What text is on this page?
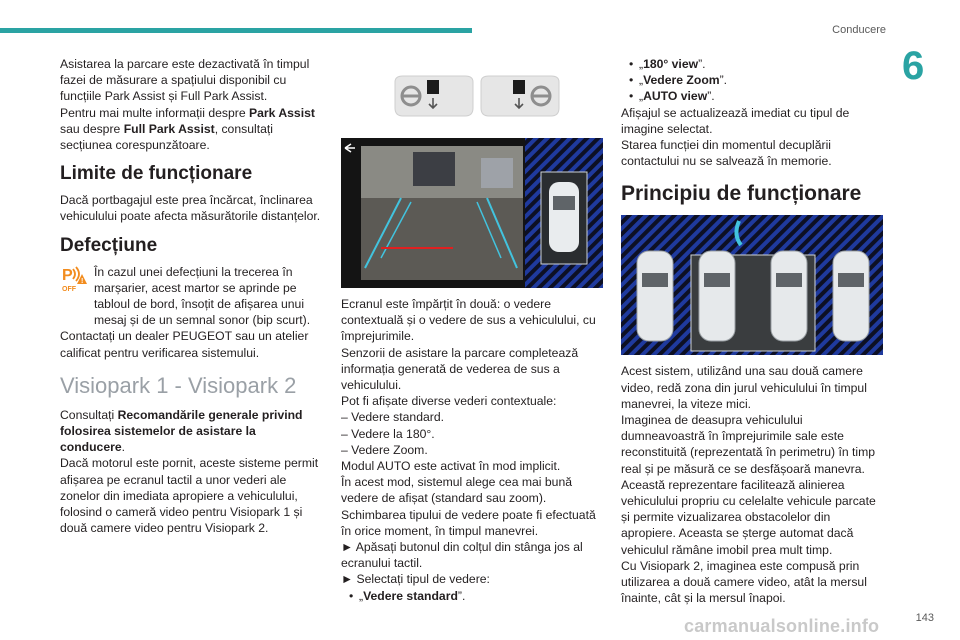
Conducere
6

Asistarea la parcare este dezactivată în timpul fazei de măsurare a spațiului disponibil cu funcțiile Park Assist și Full Park Assist.

Pentru mai multe informații despre Park Assist sau despre Full Park Assist, consultați secțiunea corespunzătoare.

Limite de funcționare

Dacă portbagajul este prea încărcat, înclinarea vehiculului poate afecta măsurătorile distanțelor.

Defecțiune
P !
OFF

În cazul unei defecțiuni la trecerea în marșarier, acest martor se aprinde pe

tabloul de bord, însoțit de afișarea unui mesaj și de un semnal sonor (bip scurt).

Contactați un dealer PEUGEOT sau un atelier calificat pentru verificarea sistemului.

Visiopark 1 - Visiopark 2

Consultați Recomandările generale privind folosirea sistemelor de asistare la conducere.

Dacă motorul este pornit, aceste sisteme permit afișarea pe ecranul tactil a unor vederi ale zonelor din imediata apropiere a vehiculului, folosind o cameră video pentru Visiopark 1 și două camere video pentru Visiopark 2.

Ecranul este împărțit în două: o vedere contextuală și o vedere de sus a vehiculului, cu împrejurimile.

Senzorii de asistare la parcare completează informația generată de vederea de sus a vehiculului.

Pot fi afișate diverse vederi contextuale:

– Vedere standard.

– Vedere la 180°.

– Vedere Zoom.

Modul AUTO este activat în mod implicit.

În acest mod, sistemul alege cea mai bună vedere de afișat (standard sau zoom).

Schimbarea tipului de vedere poate fi efectuată în orice moment, în timpul manevrei.

► Apăsați butonul din colțul din stânga jos al ecranului tactil.

► Selectați tipul de vedere:

• „Vedere standard”.
• „180° view”.
• „Vedere Zoom”.
• „AUTO view”.

Afișajul se actualizează imediat cu tipul de imagine selectat.

Starea funcției din momentul decuplării contactului nu se salvează în memorie.

Principiu de funcționare

Acest sistem, utilizând una sau două camere video, redă zona din jurul vehiculului în timpul manevrei, la viteze mici.

Imaginea de deasupra vehiculului dumneavoastră în împrejurimile sale este reconstituită (reprezentată în perimetru) în timp real și pe măsură ce se desfășoară manevra.

Această reprezentare facilitează alinierea vehiculului propriu cu celelalte vehicule parcate și permite vizualizarea obstacolelor din apropiere. Aceasta se șterge automat dacă vehiculul rămâne imobil prea mult timp.

Cu Visiopark 2, imaginea este compusă prin utilizarea a două camere video, atât la mersul înainte, cât și la mersul înapoi.

carmanualsonline.info	143
